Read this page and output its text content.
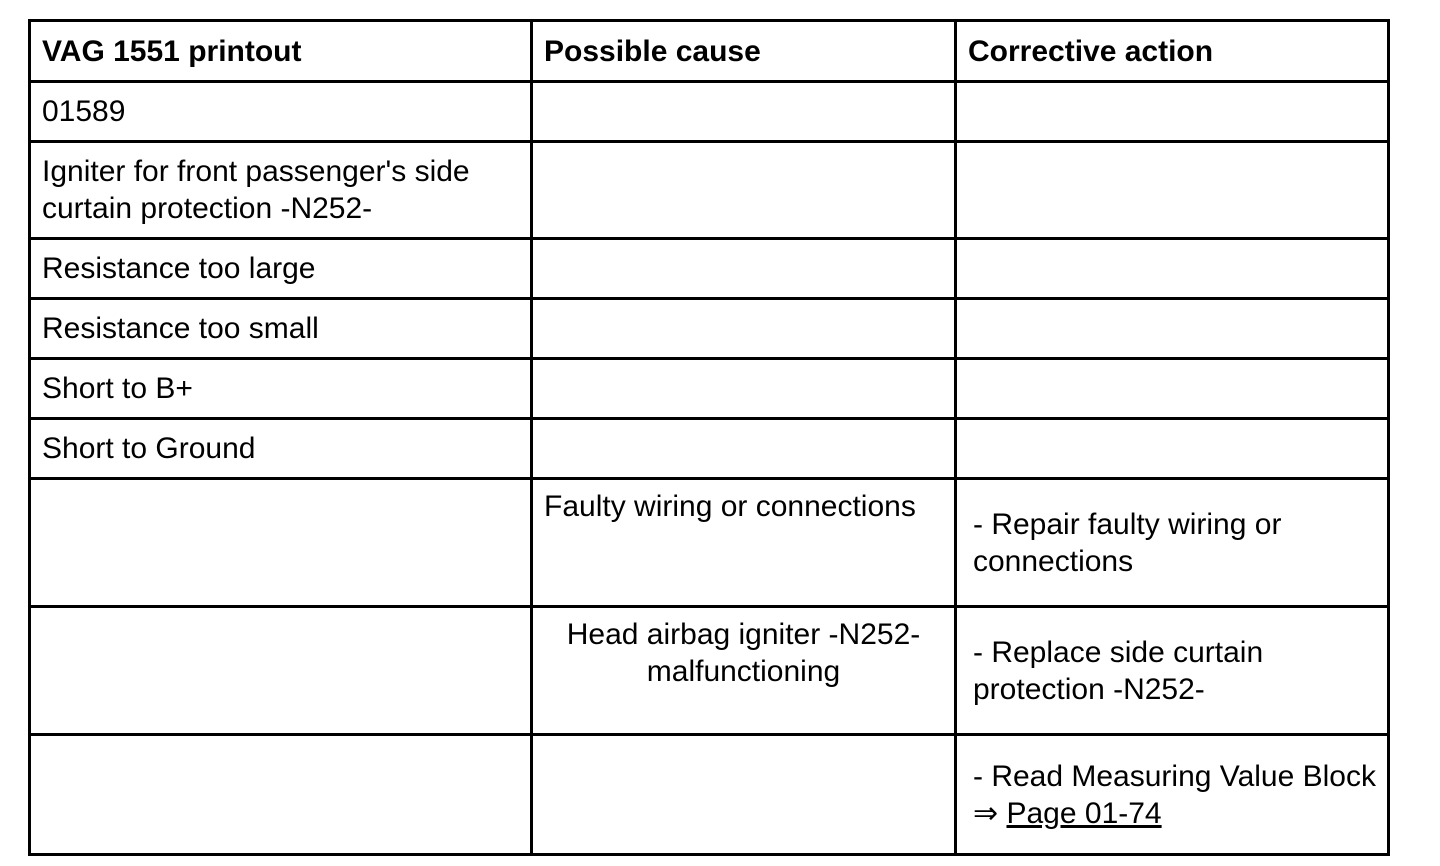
VAG 1551 printout	Possible cause	Corrective action
01589		
Igniter for front passenger's side curtain protection -N252-		
Resistance too large		
Resistance too small		
Short to B+		
Short to Ground		
	Faulty wiring or connections	- Repair faulty wiring or connections
	Head airbag igniter -N252- malfunctioning	- Replace side curtain protection -N252-
		- Read Measuring Value Block ⇒ Page 01-74
